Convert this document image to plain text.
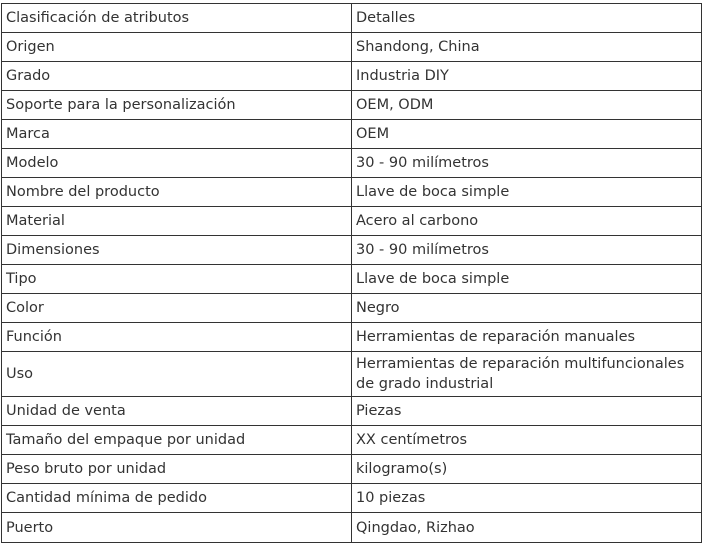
Clasificación de atributos	Detalles
Origen	Shandong, China
Grado	Industria DIY
Soporte para la personalización	OEM, ODM
Marca	OEM
Modelo	30 - 90 milímetros
Nombre del producto	Llave de boca simple
Material	Acero al carbono
Dimensiones	30 - 90 milímetros
Tipo	Llave de boca simple
Color	Negro
Función	Herramientas de reparación manuales
Uso	Herramientas de reparación multifuncionales de grado industrial
Unidad de venta	Piezas
Tamaño del empaque por unidad	XX centímetros
Peso bruto por unidad	kilogramo(s)
Cantidad mínima de pedido	10 piezas
Puerto	Qingdao, Rizhao
